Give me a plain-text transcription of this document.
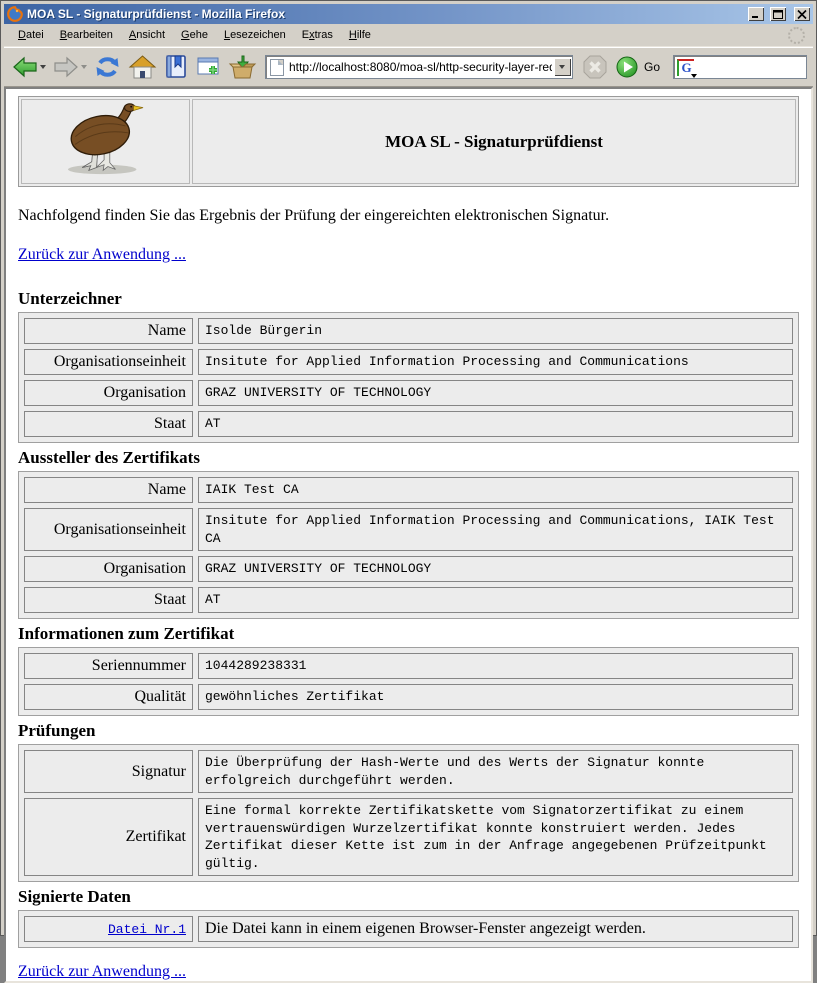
MOA SL - Signaturprüfdienst - Mozilla Firefox
Datei	Bearbeiten	Ansicht	Gehe	Lesezeichen	Extras	Hilfe
http://localhost:8080/moa-sl/http-security-layer-requ
Go	G
	MOA SL - Signaturprüfdienst

Nachfolgend finden Sie das Ergebnis der Prüfung der eingereichten elektronischen Signatur.

Zurück zur Anwendung ...
Unterzeichner
Name	Isolde Bürgerin
Organisationseinheit	Insitute for Applied Information Processing and Communications
Organisation	GRAZ UNIVERSITY OF TECHNOLOGY
Staat	AT
Aussteller des Zertifikats
Name	IAIK Test CA
Organisationseinheit	Insitute for Applied Information Processing and Communications, IAIK Test CA
Organisation	GRAZ UNIVERSITY OF TECHNOLOGY
Staat	AT
Informationen zum Zertifikat
Seriennummer	1044289238331
Qualität	gewöhnliches Zertifikat
Prüfungen
Signatur	Die Überprüfung der Hash-Werte und des Werts der Signatur konnte erfolgreich durchgeführt werden.
Zertifikat	Eine formal korrekte Zertifikatskette vom Signatorzertifikat zu einem vertrauenswürdigen Wurzelzertifikat konnte konstruiert werden. Jedes Zertifikat dieser Kette ist zum in der Anfrage angegebenen Prüfzeitpunkt gültig.
Signierte Daten
Datei Nr.1	Die Datei kann in einem eigenen Browser-Fenster angezeigt werden.
Zurück zur Anwendung ...
